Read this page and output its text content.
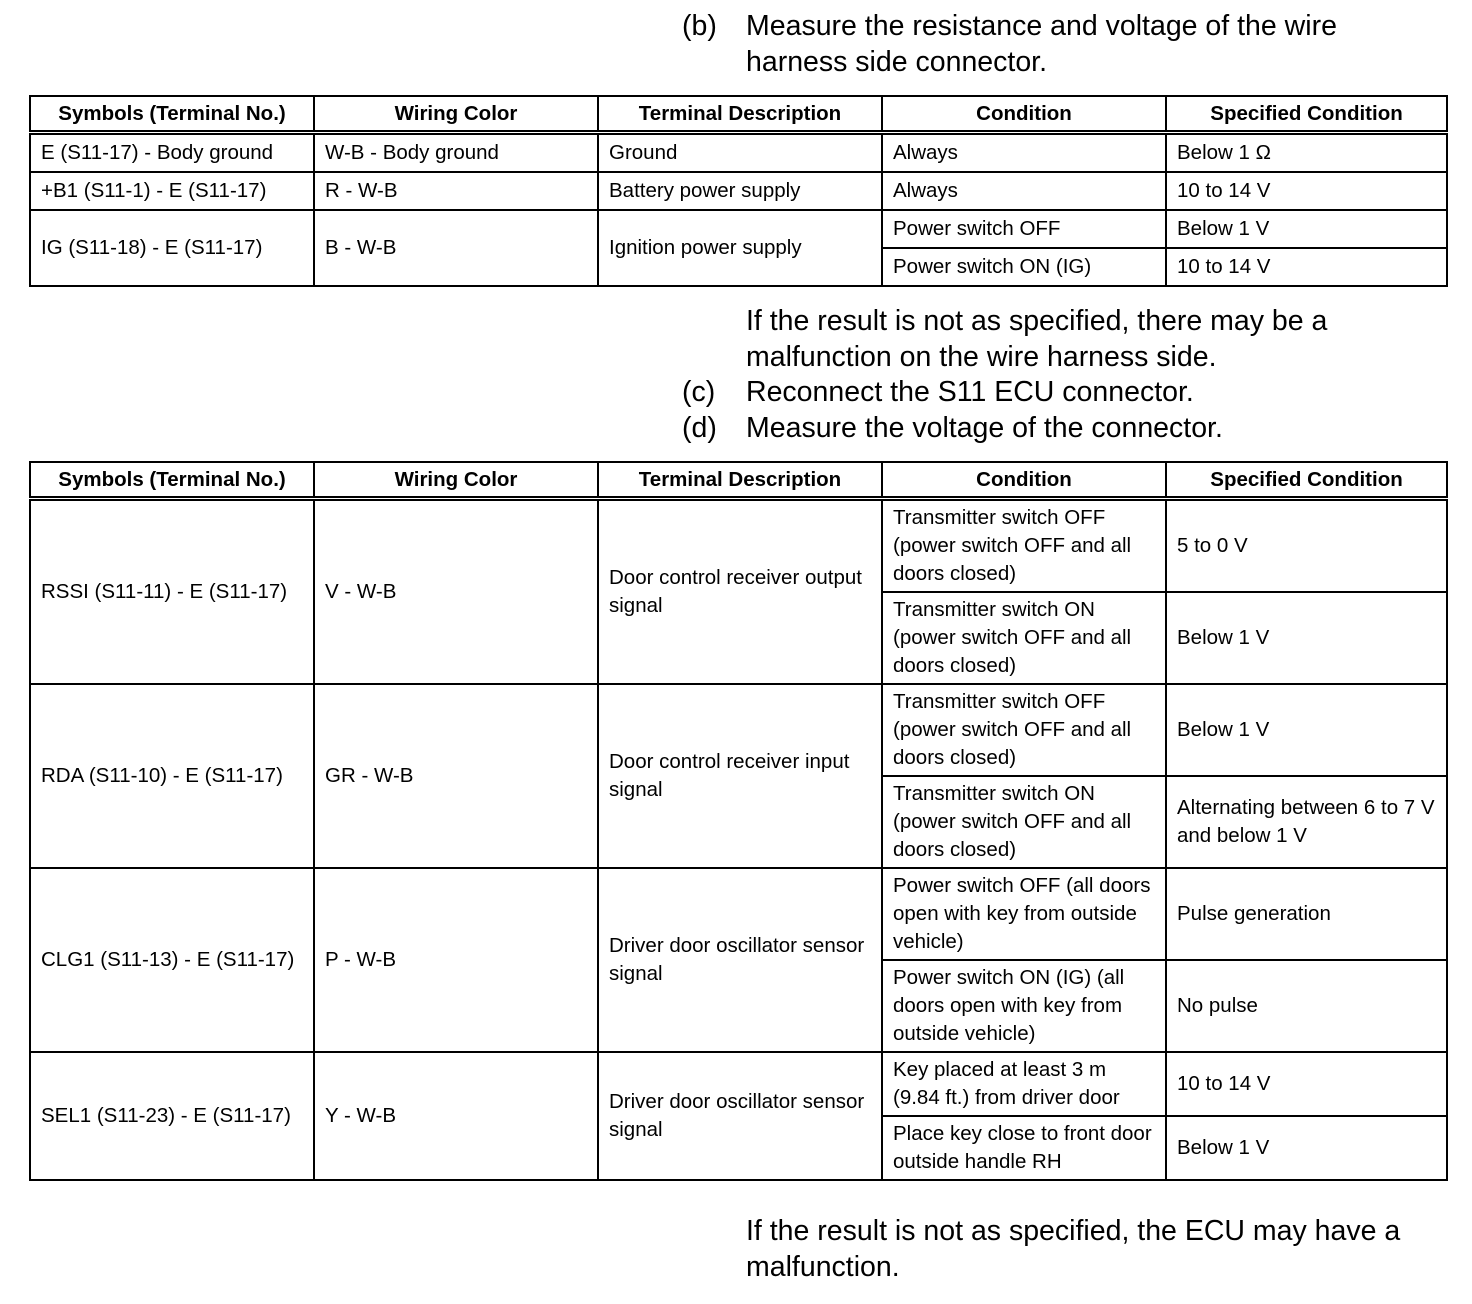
(b)	Measure the resistance and voltage of the wire
harness side connector.
Symbols (Terminal No.)	Wiring Color	Terminal Description	Condition	Specified Condition
E (S11-17) - Body ground	W-B - Body ground	Ground	Always	Below 1 Ω
+B1 (S11-1) - E (S11-17)	R - W-B	Battery power supply	Always	10 to 14 V
IG (S11-18) - E (S11-17)	B - W-B	Ignition power supply	Power switch OFF	Below 1 V
			Power switch ON (IG)	10 to 14 V
If the result is not as specified, there may be a
malfunction on the wire harness side.
(c)	Reconnect the S11 ECU connector.
(d)	Measure the voltage of the connector.
Symbols (Terminal No.)	Wiring Color	Terminal Description	Condition	Specified Condition
RSSI (S11-11) - E (S11-17)	V - W-B	Door control receiver output signal	Transmitter switch OFF (power switch OFF and all doors closed)	5 to 0 V
			Transmitter switch ON (power switch OFF and all doors closed)	Below 1 V
RDA (S11-10) - E (S11-17)	GR - W-B	Door control receiver input signal	Transmitter switch OFF (power switch OFF and all doors closed)	Below 1 V
			Transmitter switch ON (power switch OFF and all doors closed)	Alternating between 6 to 7 V and below 1 V
CLG1 (S11-13) - E (S11-17)	P - W-B	Driver door oscillator sensor signal	Power switch OFF (all doors open with key from outside vehicle)	Pulse generation
			Power switch ON (IG) (all doors open with key from outside vehicle)	No pulse
SEL1 (S11-23) - E (S11-17)	Y - W-B	Driver door oscillator sensor signal	Key placed at least 3 m (9.84 ft.) from driver door	10 to 14 V
			Place key close to front door outside handle RH	Below 1 V
If the result is not as specified, the ECU may have a
malfunction.
